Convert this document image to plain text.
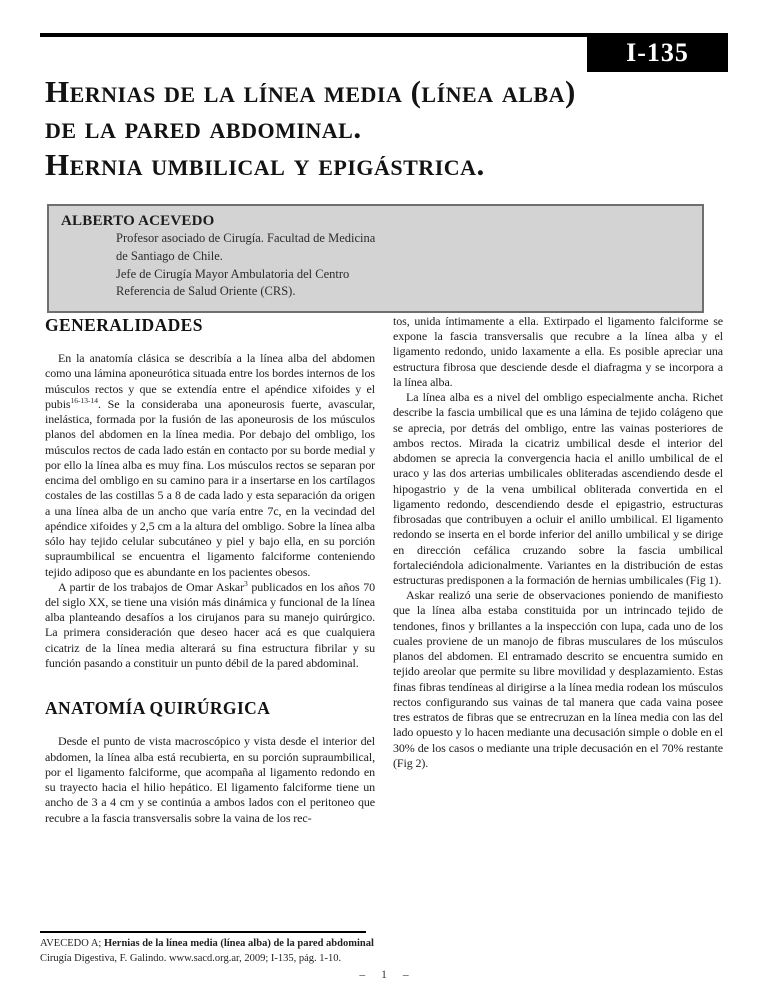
I-135
Hernias de la línea media (línea alba)
de la pared abdominal.
Hernia umbilical y epigástrica.
ALBERTO ACEVEDO
Profesor asociado de Cirugía. Facultad de Medicina
de Santiago de Chile.
Jefe de Cirugía Mayor Ambulatoria del Centro
Referencia de Salud Oriente (CRS).
GENERALIDADES

En la anatomía clásica se describía a la línea alba del abdomen como una lámina aponeurótica situada entre los bordes internos de los músculos rectos y que se extendía entre el apéndice xifoides y el pubis$^{16-13-14}$. Se la consideraba una aponeurosis fuerte, avascular, inelástica, formada por la fusión de las aponeurosis de los músculos planos del abdomen en la línea media. Por debajo del ombligo, los músculos rectos de cada lado están en contacto por su borde medial y por ello la línea alba es muy fina. Los músculos rectos se separan por encima del ombligo en su camino para ir a insertarse en los cartílagos costales de las costillas 5 a 8 de cada lado y esta separación da origen a una línea alba de un ancho que varía entre 7c, en la vecindad del apéndice xifoides y 2,5 cm a la altura del ombligo. Sobre la línea alba sólo hay tejido celular subcutáneo y piel y bajo ella, en su porción supraumbilical se encuentra el ligamento falciforme conteniendo tejido adiposo que es abundante en los pacientes obesos.

A partir de los trabajos de Omar Askar$^3$ publicados en los años 70 del siglo XX, se tiene una visión más dinámica y funcional de la línea alba planteando desafíos a los cirujanos para su manejo quirúrgico. La primera consideración que deseo hacer acá es que cualquiera cicatriz de la línea media alterará su fina estructura fibrilar y su función pasando a constituir un punto débil de la pared abdominal.

ANATOMÍA QUIRÚRGICA

Desde el punto de vista macroscópico y vista desde el interior del abdomen, la línea alba está recubierta, en su porción supraumbilical, por el ligamento falciforme, que acompaña al ligamento redondo en su trayecto hacia el hilio hepático. El ligamento falciforme tiene un ancho de 3 a 4 cm y se continúa a ambos lados con el peritoneo que recubre a la fascia transversalis sobre la vaina de los rec-

tos, unida íntimamente a ella. Extirpado el ligamento falciforme se expone la fascia transversalis que recubre a la línea alba y el ligamento redondo, unido laxamente a ella. Es posible apreciar una estructura fibrosa que desciende desde el diafragma y se incorpora a la línea alba.

La línea alba es a nivel del ombligo especialmente ancha. Richet describe la fascia umbilical que es una lámina de tejido colágeno que se aprecia, por detrás del ombligo, entre las vainas posteriores de ambos rectos. Mirada la cicatriz umbilical desde el interior del abdomen se aprecia la convergencia hacia el anillo umbilical de el uraco y las dos arterias umbilicales obliteradas ascendiendo desde el hipogastrio y de la vena umbilical obliterada convertida en el ligamento redondo, descendiendo desde el epigastrio, estructuras fibrosadas que contribuyen a ocluir el anillo umbilical. El ligamento redondo se inserta en el borde inferior del anillo umbilical y se dirige en dirección cefálica cruzando sobre la fascia umbilical fortaleciéndola adicionalmente. Variantes en la distribución de estas estructuras predisponen a la formación de hernias umbilicales (Fig 1).

Askar realizó una serie de observaciones poniendo de manifiesto que la línea alba estaba constituida por un intrincado tejido de tendones, finos y brillantes a la inspección con lupa, cada uno de los cuales proviene de un manojo de fibras musculares de los músculos planos del abdomen. El entramado descrito se encuentra sumido en tejido areolar que permite su libre movilidad y desplazamiento. Estas finas fibras tendíneas al dirigirse a la línea media rodean los músculos rectos configurando sus vainas de tal manera que cada vaina posee tres estratos de fibras que se entrecruzan en la línea media con las del lado opuesto y lo hacen mediante una decusación simple o doble en el 30% de los casos o mediante una triple decusación en el 70% restante (Fig 2).

AVECEDO A; Hernias de la línea media (línea alba) de la pared abdominal
Cirugía Digestiva, F. Galindo. www.sacd.org.ar, 2009; I-135, pág. 1-10.
– 1 –
